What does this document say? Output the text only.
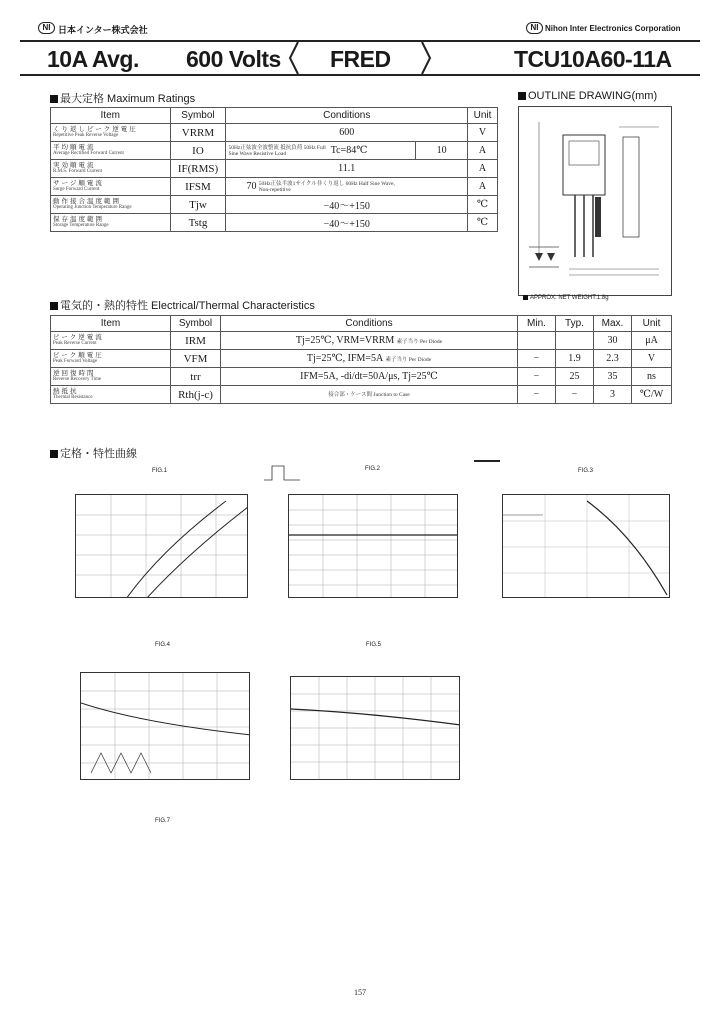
NI 日本インター株式会社	NI Nihon Inter Electronics Corporation
10A Avg. 600 Volts FRED	TCU10A60-11A
最大定格 Maximum Ratings
Item	Symbol	Conditions		Unit

くり返しピーク逆電圧
Repetitive Peak Reverse Voltage	VRRM	600		V

平均順電流
Average Rectified Forward Current	IO	50Hz正弦波全波整流 抵抗負荷 50Hz Full Sine Wave Resistive Load Tc=84℃	10	A

実効順電流
R.M.S. Forward Current	IF(RMS)	11.1		A

サージ順電流
Surge Forward Current	IFSM	70 50Hz正弦半波1サイクル非くり返し 60Hz Half Sine Wave, Non-repetitive		A

動作接合温度範囲
Operating Junction Temperature Range	Tjw	−40〜+150		℃

保存温度範囲
Storage Temperature Range	Tstg	−40〜+150		℃
OUTLINE DRAWING(mm)
APPROX. NET WEIGHT:1.8g
電気的・熱的特性 Electrical/Thermal Characteristics
Item	Symbol	Conditions	Min.	Typ.	Max.	Unit

ピーク逆電流
Peak Reverse Current	IRM	Tj=25℃, VRM=VRRM 素子当り Per Diode			30	μA

ピーク順電圧
Peak Forward Voltage	VFM	Tj=25℃, IFM=5A 素子当り Per Diode	−	1.9	2.3	V

逆回復時間
Reverse Recovery Time	trr	IFM=5A, -di/dt=50A/μs, Tj=25℃	−	25	35	ns

熱抵抗
Thermal Resistance	Rth(j-c)	接合部・ケース間 Junction to Case	−	−	3	℃/W
定格・特性曲線
FIG.1	FIG.2	FIG.3
FIG.4	FIG.5
FIG.7
157
